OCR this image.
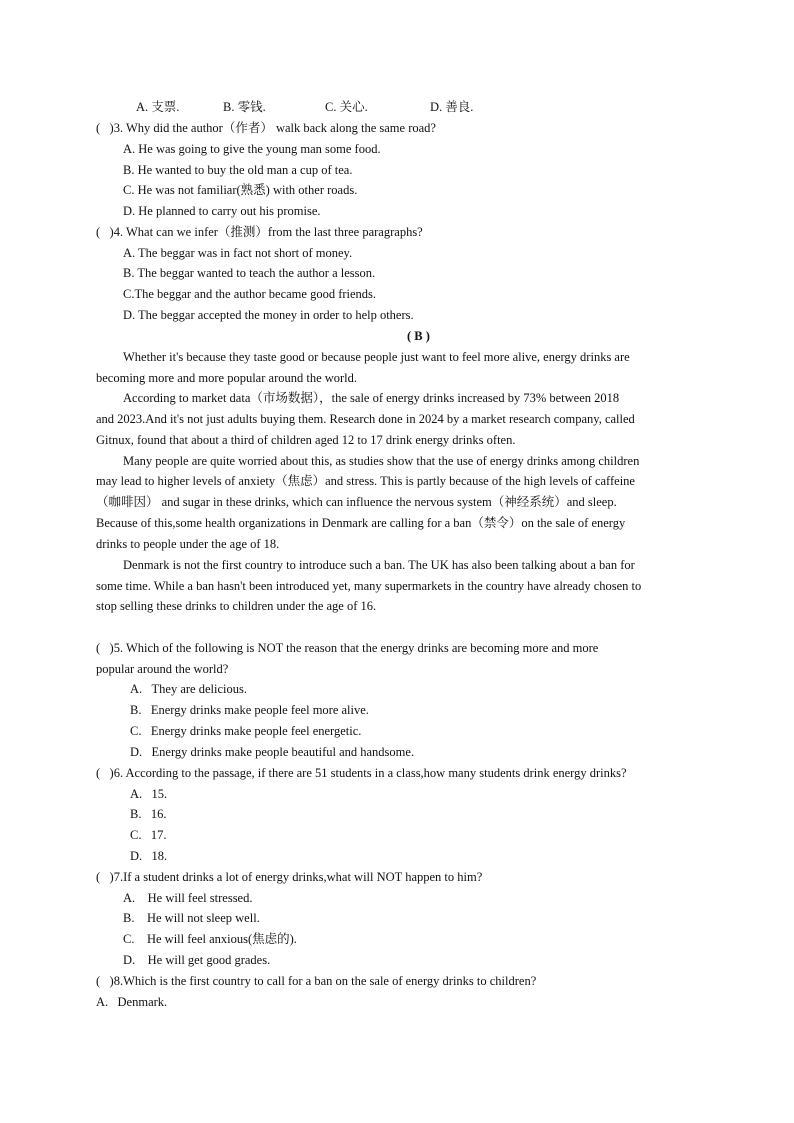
A. 支票.	B. 零钱.	C. 关心.	D. 善良.
(   )3. Why did the author（作者） walk back along the same road?
A. He was going to give the young man some food.
B. He wanted to buy the old man a cup of tea.
C. He was not familiar(熟悉) with other roads.
D. He planned to carry out his promise.
(   )4. What can we infer（推测）from the last three paragraphs?
A. The beggar was in fact not short of money.
B. The beggar wanted to teach the author a lesson.
C.The beggar and the author became good friends.
D. The beggar accepted the money in order to help others.
( B )
Whether it's because they taste good or because people just want to feel more alive, energy drinks are
becoming more and more popular around the world.
According to market data（市场数据），the sale of energy drinks increased by 73% between 2018
and 2023.And it's not just adults buying them. Research done in 2024 by a market research company, called
Gitnux, found that about a third of children aged 12 to 17 drink energy drinks often.
Many people are quite worried about this, as studies show that the use of energy drinks among children
may lead to higher levels of anxiety（焦虑）and stress. This is partly because of the high levels of caffeine
（咖啡因） and sugar in these drinks, which can influence the nervous system（神经系统）and sleep.
Because of this,some health organizations in Denmark are calling for a ban（禁令）on the sale of energy
drinks to people under the age of 18.
Denmark is not the first country to introduce such a ban. The UK has also been talking about a ban for
some time. While a ban hasn't been introduced yet, many supermarkets in the country have already chosen to
stop selling these drinks to children under the age of 16.
(   )5. Which of the following is NOT the reason that the energy drinks are becoming more and more
popular around the world?
A.   They are delicious.
B.   Energy drinks make people feel more alive.
C.   Energy drinks make people feel energetic.
D.   Energy drinks make people beautiful and handsome.
(   )6. According to the passage, if there are 51 students in a class,how many students drink energy drinks?
A.   15.
B.   16.
C.   17.
D.   18.
(   )7.If a student drinks a lot of energy drinks,what will NOT happen to him?
A.    He will feel stressed.
B.    He will not sleep well.
C.    He will feel anxious(焦虑的).
D.    He will get good grades.
(   )8.Which is the first country to call for a ban on the sale of energy drinks to children?
A.   Denmark.
